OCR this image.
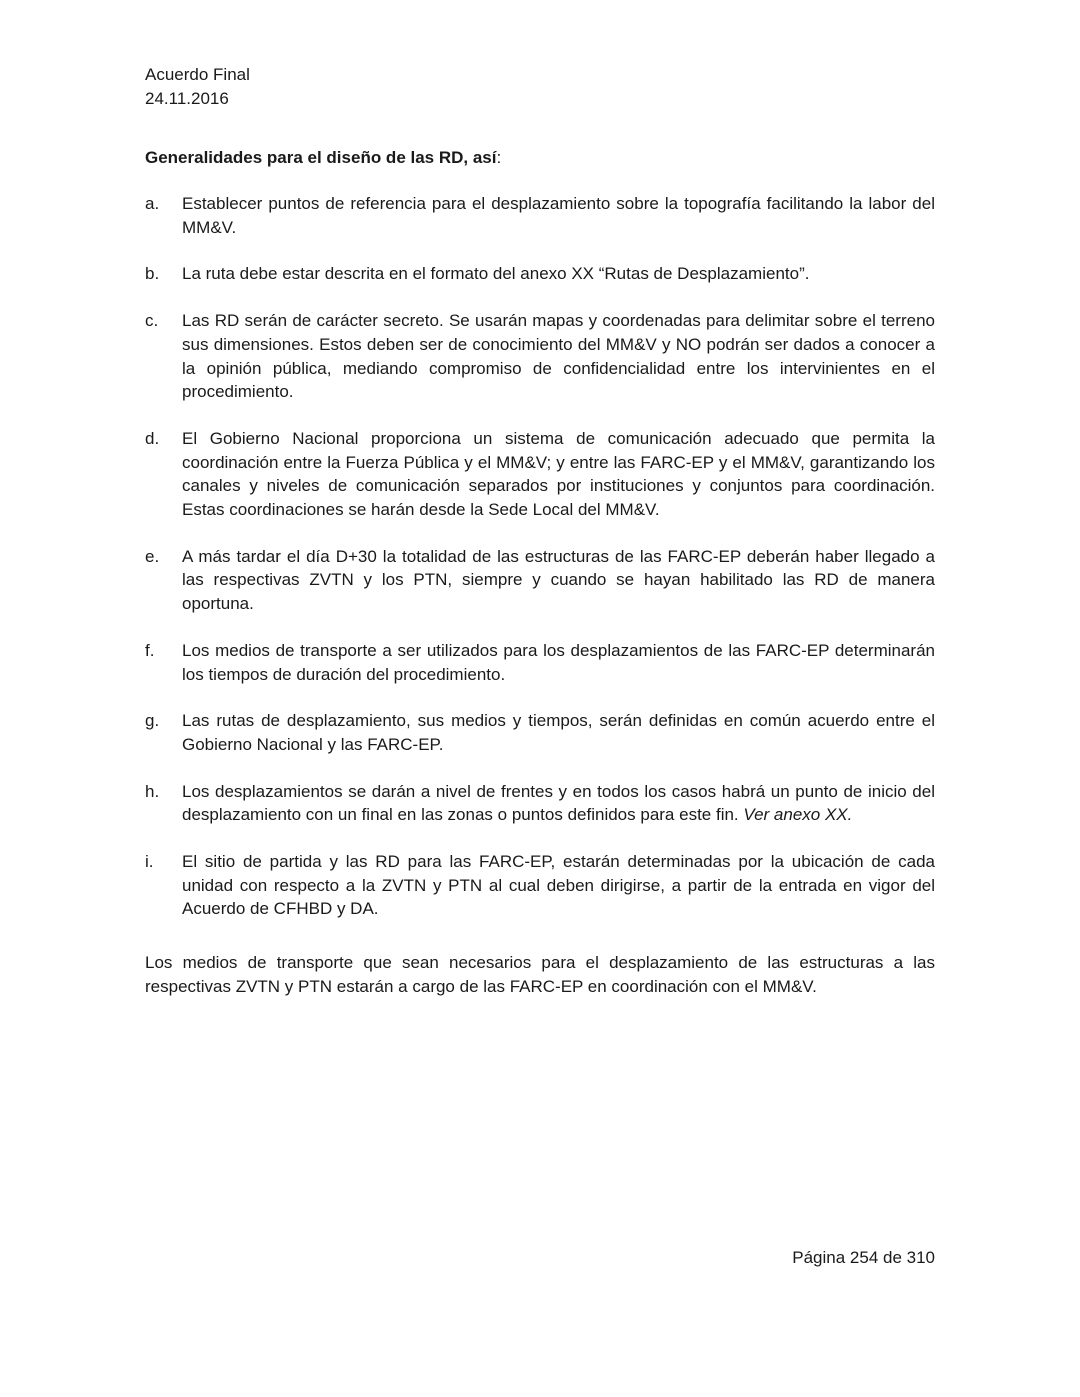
Acuerdo Final
24.11.2016
Generalidades para el diseño de las RD, así:
a.	Establecer puntos de referencia para el desplazamiento sobre la topografía facilitando la labor del MM&V.
b.	La ruta debe estar descrita en el formato del anexo XX “Rutas de Desplazamiento”.
c.	Las RD serán de carácter secreto. Se usarán mapas y coordenadas para delimitar sobre el terreno sus dimensiones. Estos deben ser de conocimiento del MM&V y NO podrán ser dados a conocer a la opinión pública, mediando compromiso de confidencialidad entre los intervinientes en el procedimiento.
d.	El Gobierno Nacional proporciona un sistema de comunicación adecuado que permita la coordinación entre la Fuerza Pública y el MM&V; y entre las FARC-EP y el MM&V, garantizando los canales y niveles de comunicación separados por instituciones y conjuntos para coordinación. Estas coordinaciones se harán desde la Sede Local del MM&V.
e.	A más tardar el día D+30 la totalidad de las estructuras de las FARC-EP deberán haber llegado a las respectivas ZVTN y los PTN, siempre y cuando se hayan habilitado las RD de manera oportuna.
f.	Los medios de transporte a ser utilizados para los desplazamientos de las FARC-EP determinarán los tiempos de duración del procedimiento.
g.	Las rutas de desplazamiento, sus medios y tiempos, serán definidas en común acuerdo entre el Gobierno Nacional y las FARC-EP.
h.	Los desplazamientos se darán a nivel de frentes y en todos los casos habrá un punto de inicio del desplazamiento con un final en las zonas o puntos definidos para este fin. Ver anexo XX.
i.	El sitio de partida y las RD para las FARC-EP, estarán determinadas por la ubicación de cada unidad con respecto a la ZVTN y PTN al cual deben dirigirse, a partir de la entrada en vigor del Acuerdo de CFHBD y DA.
Los medios de transporte que sean necesarios para el desplazamiento de las estructuras a las respectivas ZVTN y PTN estarán a cargo de las FARC-EP en coordinación con el MM&V.
Página 254 de 310
